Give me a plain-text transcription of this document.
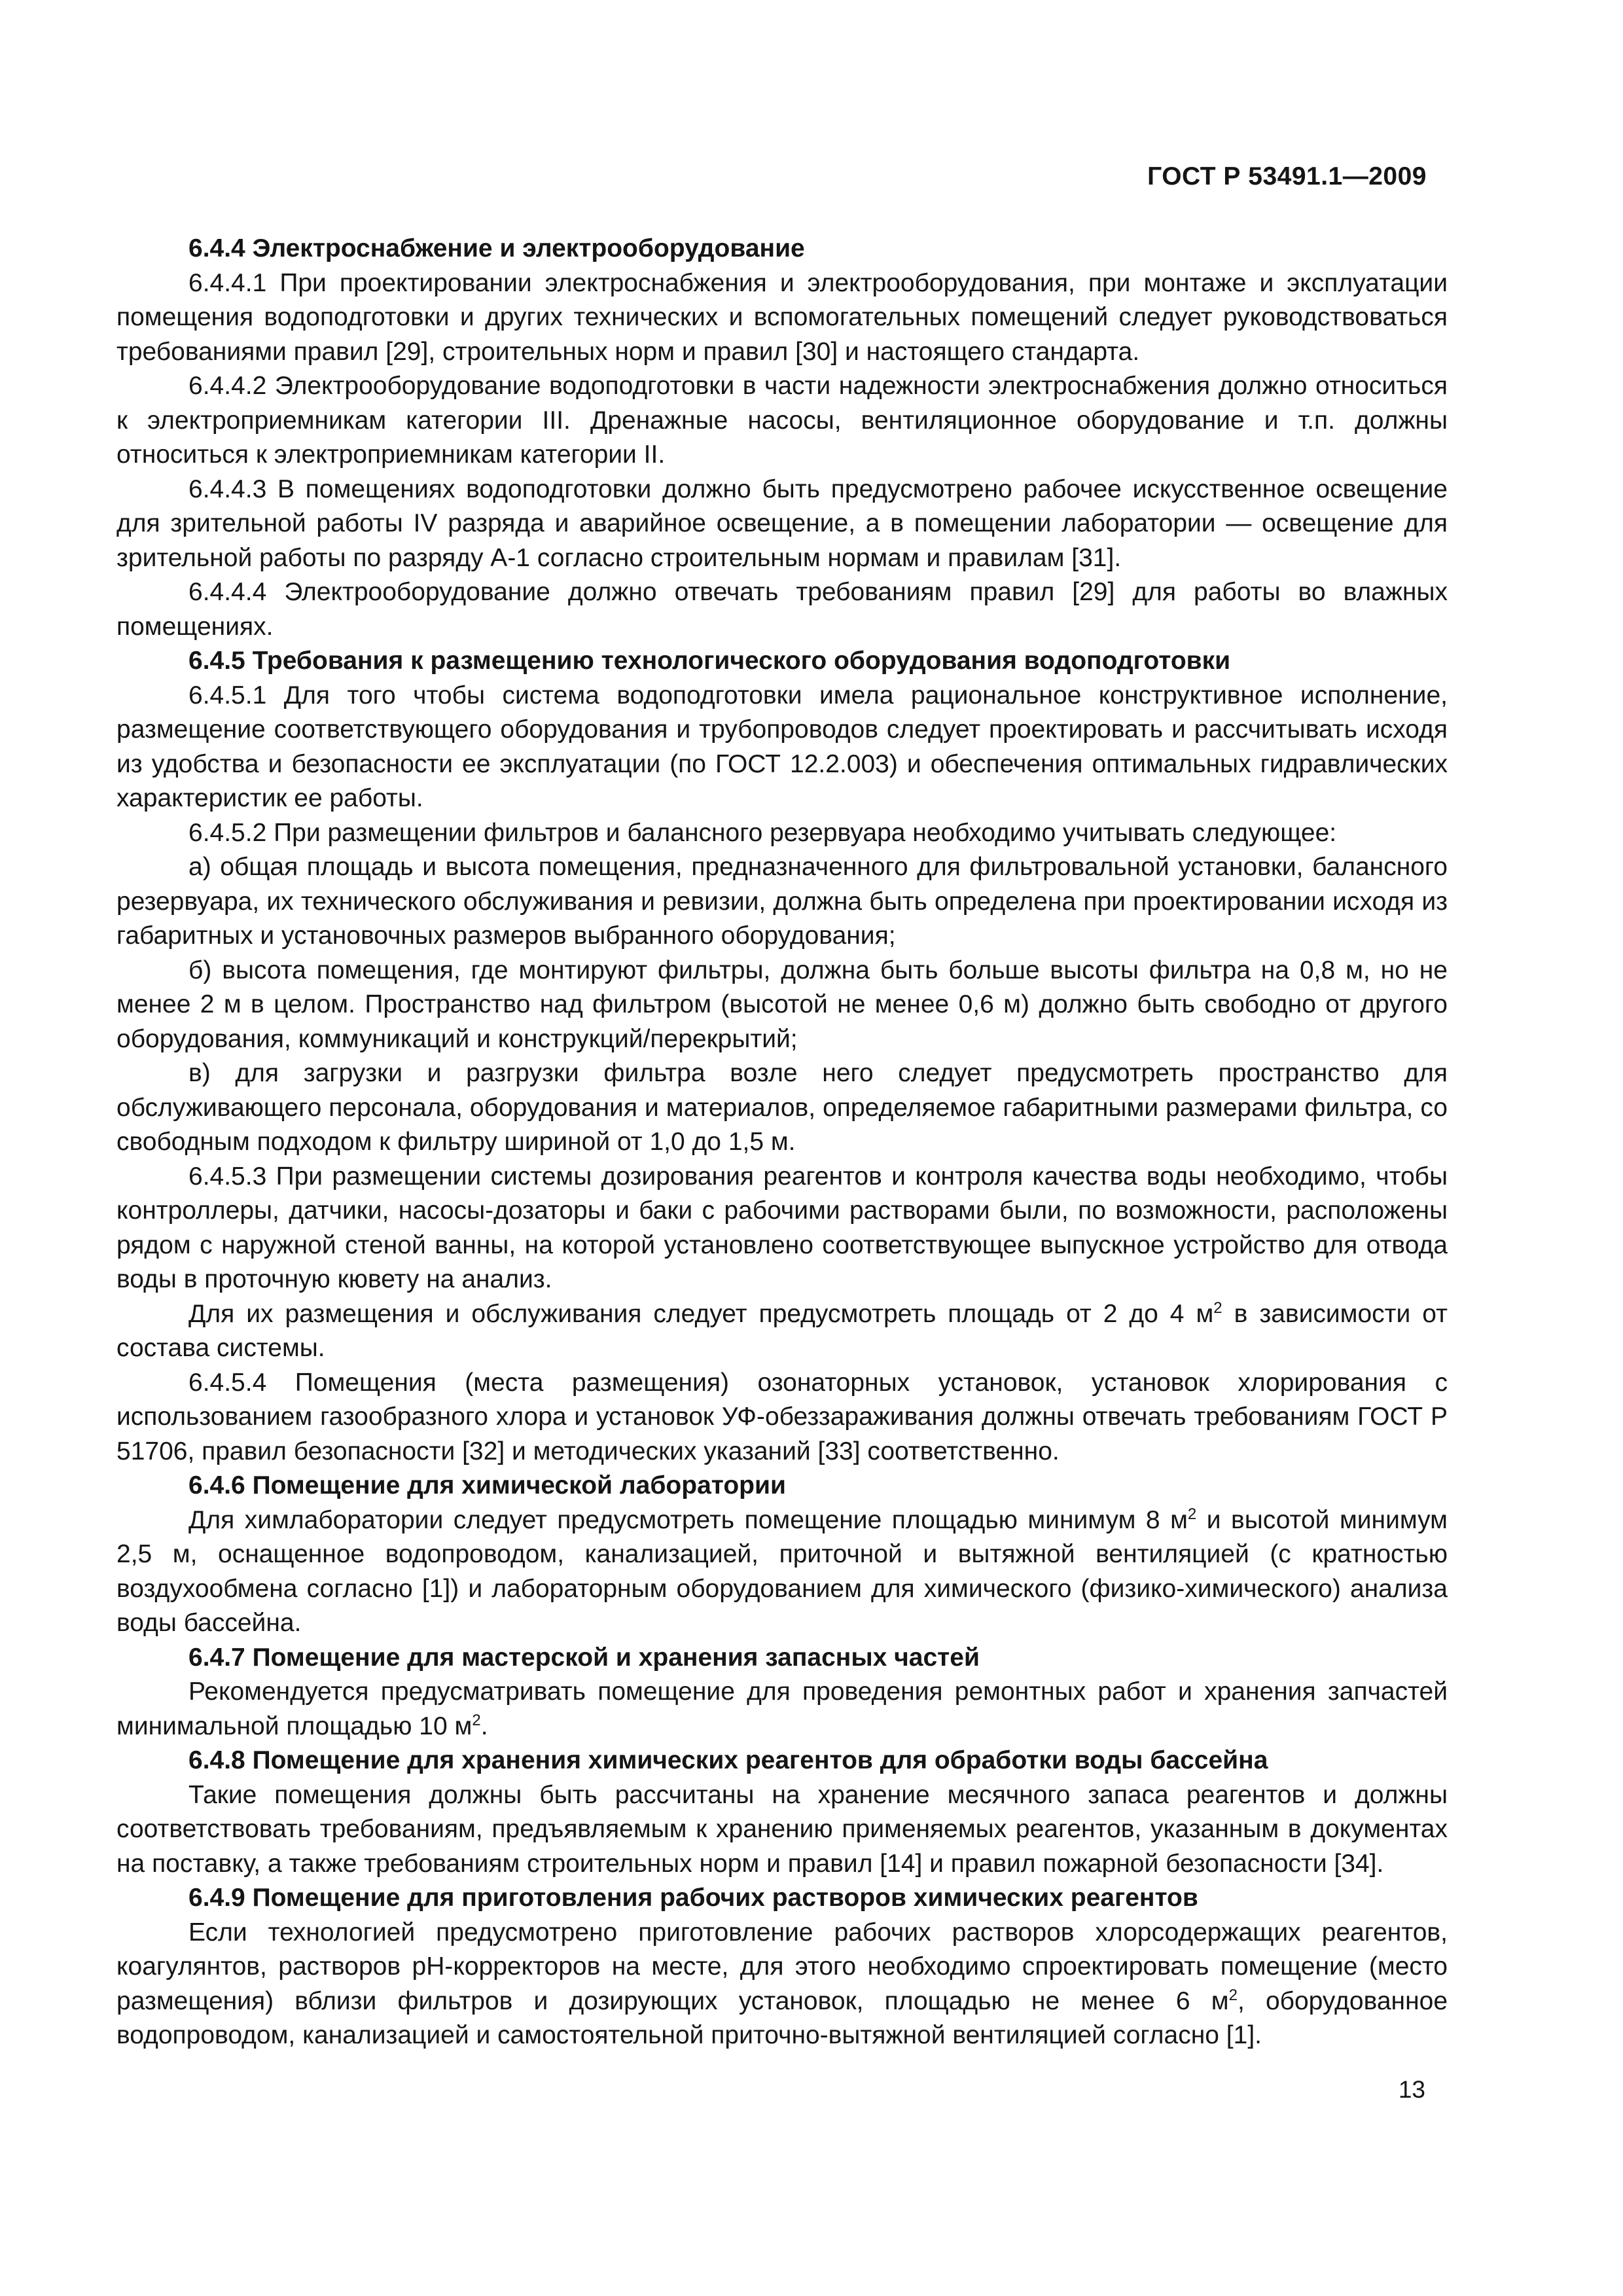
ГОСТ Р 53491.1—2009

6.4.4 Электроснабжение и электрооборудование

6.4.4.1 При проектировании электроснабжения и электрооборудования, при монтаже и эксплуатации помещения водоподготовки и других технических и вспомогательных помещений следует руководствоваться требованиями правил [29], строительных норм и правил [30] и настоящего стандарта.

6.4.4.2 Электрооборудование водоподготовки в части надежности электроснабжения должно относиться к электроприемникам категории III. Дренажные насосы, вентиляционное оборудование и т.п. должны относиться к электроприемникам категории II.

6.4.4.3 В помещениях водоподготовки должно быть предусмотрено рабочее искусственное освещение для зрительной работы IV разряда и аварийное освещение, а в помещении лаборатории — освещение для зрительной работы по разряду А-1 согласно строительным нормам и правилам [31].

6.4.4.4 Электрооборудование должно отвечать требованиям правил [29] для работы во влажных помещениях.

6.4.5 Требования к размещению технологического оборудования водоподготовки

6.4.5.1 Для того чтобы система водоподготовки имела рациональное конструктивное исполнение, размещение соответствующего оборудования и трубопроводов следует проектировать и рассчитывать исходя из удобства и безопасности ее эксплуатации (по ГОСТ 12.2.003) и обеспечения оптимальных гидравлических характеристик ее работы.

6.4.5.2 При размещении фильтров и балансного резервуара необходимо учитывать следующее:

а) общая площадь и высота помещения, предназначенного для фильтровальной установки, балансного резервуара, их технического обслуживания и ревизии, должна быть определена при проектировании исходя из габаритных и установочных размеров выбранного оборудования;

б) высота помещения, где монтируют фильтры, должна быть больше высоты фильтра на 0,8 м, но не менее 2 м в целом. Пространство над фильтром (высотой не менее 0,6 м) должно быть свободно от другого оборудования, коммуникаций и конструкций/перекрытий;

в) для загрузки и разгрузки фильтра возле него следует предусмотреть пространство для обслуживающего персонала, оборудования и материалов, определяемое габаритными размерами фильтра, со свободным подходом к фильтру шириной от 1,0 до 1,5 м.

6.4.5.3 При размещении системы дозирования реагентов и контроля качества воды необходимо, чтобы контроллеры, датчики, насосы-дозаторы и баки с рабочими растворами были, по возможности, расположены рядом с наружной стеной ванны, на которой установлено соответствующее выпускное устройство для отвода воды в проточную кювету на анализ.

Для их размещения и обслуживания следует предусмотреть площадь от 2 до 4 $м^2$ в зависимости от состава системы.

6.4.5.4 Помещения (места размещения) озонаторных установок, установок хлорирования с использованием газообразного хлора и установок УФ-обеззараживания должны отвечать требованиям ГОСТ Р 51706, правил безопасности [32] и методических указаний [33] соответственно.

6.4.6 Помещение для химической лаборатории

Для химлаборатории следует предусмотреть помещение площадью минимум 8 $м^2$ и высотой минимум 2,5 м, оснащенное водопроводом, канализацией, приточной и вытяжной вентиляцией (с кратностью воздухообмена согласно [1]) и лабораторным оборудованием для химического (физико-химического) анализа воды бассейна.

6.4.7 Помещение для мастерской и хранения запасных частей

Рекомендуется предусматривать помещение для проведения ремонтных работ и хранения запчастей минимальной площадью 10 $м^2$.

6.4.8 Помещение для хранения химических реагентов для обработки воды бассейна

Такие помещения должны быть рассчитаны на хранение месячного запаса реагентов и должны соответствовать требованиям, предъявляемым к хранению применяемых реагентов, указанным в документах на поставку, а также требованиям строительных норм и правил [14] и правил пожарной безопасности [34].

6.4.9 Помещение для приготовления рабочих растворов химических реагентов

Если технологией предусмотрено приготовление рабочих растворов хлорсодержащих реагентов, коагулянтов, растворов pH-корректоров на месте, для этого необходимо спроектировать помещение (место размещения) вблизи фильтров и дозирующих установок, площадью не менее 6 $м^2$, оборудованное водопроводом, канализацией и самостоятельной приточно-вытяжной вентиляцией согласно [1].

13
